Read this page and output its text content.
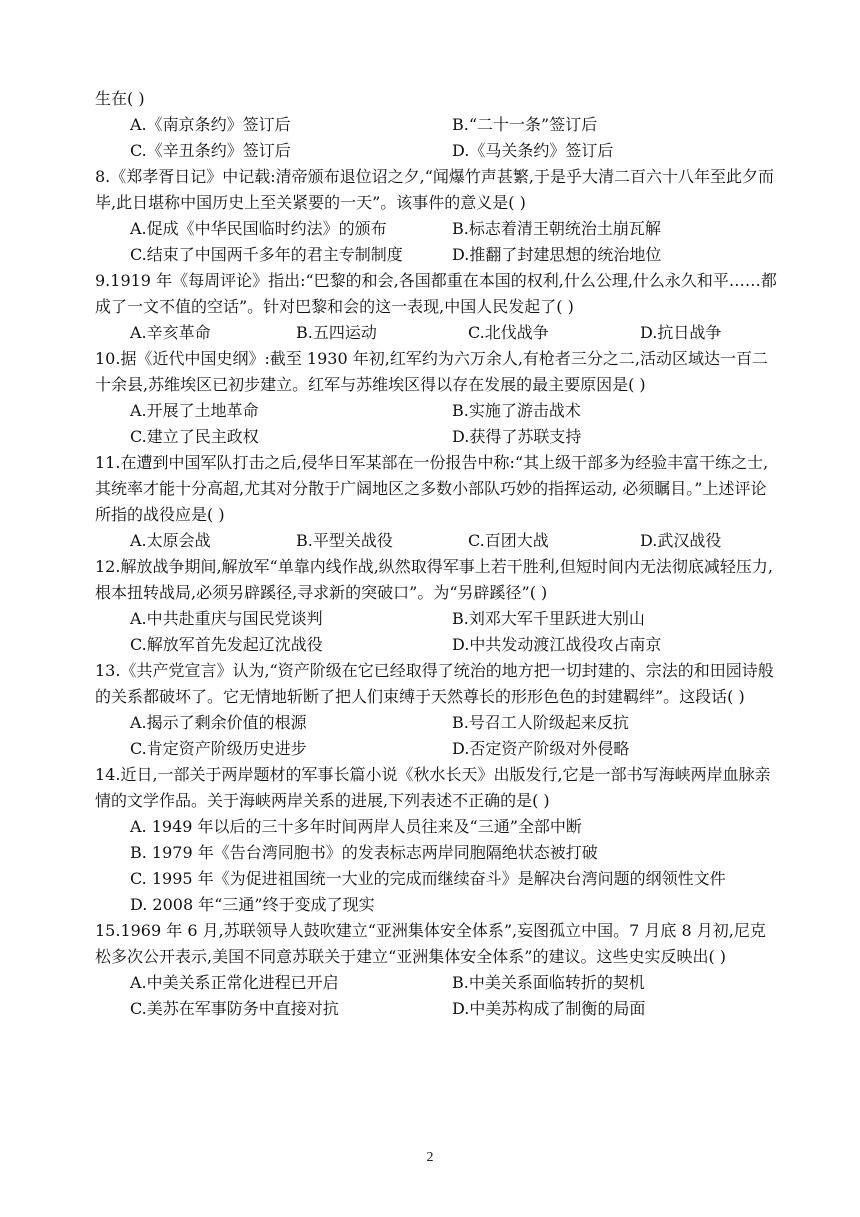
生在( )

A.《南京条约》签订后	B.“二十一条”签订后
C.《辛丑条约》签订后	D.《马关条约》签订后

8.《郑孝胥日记》中记载:清帝颁布退位诏之夕,“闻爆竹声甚繁,于是乎大清二百六十八年至此夕而毕,此日堪称中国历史上至关紧要的一天”。该事件的意义是( )

A.促成《中华民国临时约法》的颁布	B.标志着清王朝统治土崩瓦解
C.结束了中国两千多年的君主专制制度	D.推翻了封建思想的统治地位

9.1919 年《每周评论》指出:“巴黎的和会,各国都重在本国的权利,什么公理,什么永久和平……都成了一文不值的空话”。针对巴黎和会的这一表现,中国人民发起了( )

A.辛亥革命	B.五四运动	C.北伐战争	D.抗日战争

10.据《近代中国史纲》:截至 1930 年初,红军约为六万余人,有枪者三分之二,活动区域达一百二十余县,苏维埃区已初步建立。红军与苏维埃区得以存在发展的最主要原因是( )

A.开展了土地革命	B.实施了游击战术
C.建立了民主政权	D.获得了苏联支持

11.在遭到中国军队打击之后,侵华日军某部在一份报告中称:“其上级干部多为经验丰富干练之士,其统率才能十分高超,尤其对分散于广阔地区之多数小部队巧妙的指挥运动, 必须瞩目。”上述评论所指的战役应是( )

A.太原会战	B.平型关战役	C.百团大战	D.武汉战役

12.解放战争期间,解放军“单靠内线作战,纵然取得军事上若干胜利,但短时间内无法彻底减轻压力,根本扭转战局,必须另辟蹊径,寻求新的突破口”。为“另辟蹊径”( )

A.中共赴重庆与国民党谈判	B.刘邓大军千里跃进大别山
C.解放军首先发起辽沈战役	D.中共发动渡江战役攻占南京

13.《共产党宣言》认为,“资产阶级在它已经取得了统治的地方把一切封建的、宗法的和田园诗般的关系都破坏了。它无情地斩断了把人们束缚于天然尊长的形形色色的封建羁绊”。这段话( )

A.揭示了剩余价值的根源	B.号召工人阶级起来反抗
C.肯定资产阶级历史进步	D.否定资产阶级对外侵略

14.近日,一部关于两岸题材的军事长篇小说《秋水长天》出版发行,它是一部书写海峡两岸血脉亲情的文学作品。关于海峡两岸关系的进展,下列表述不正确的是( )

A. 1949 年以后的三十多年时间两岸人员往来及“三通”全部中断
B. 1979 年《告台湾同胞书》的发表标志两岸同胞隔绝状态被打破
C. 1995 年《为促进祖国统一大业的完成而继续奋斗》是解决台湾问题的纲领性文件
D. 2008 年“三通”终于变成了现实

15.1969 年 6 月,苏联领导人鼓吹建立“亚洲集体安全体系”,妄图孤立中国。7 月底 8 月初,尼克松多次公开表示,美国不同意苏联关于建立“亚洲集体安全体系”的建议。这些史实反映出( )

A.中美关系正常化进程已开启	B.中美关系面临转折的契机
C.美苏在军事防务中直接对抗	D.中美苏构成了制衡的局面
2
